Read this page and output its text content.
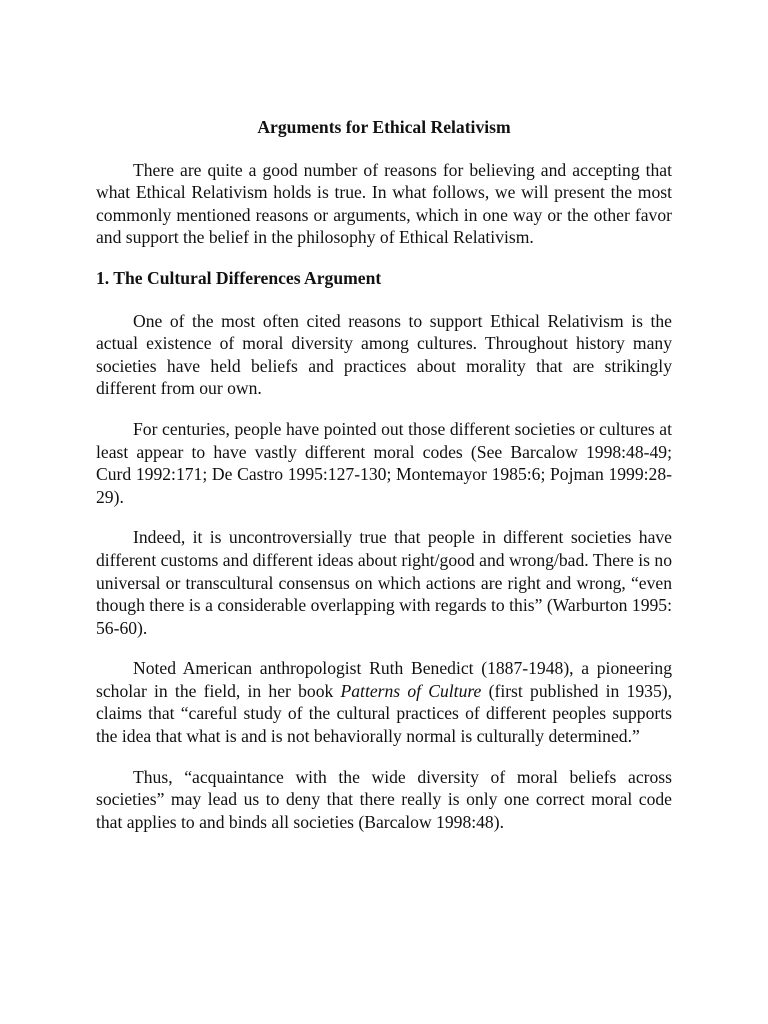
Arguments for Ethical Relativism

There are quite a good number of reasons for believing and accepting that what Ethical Relativism holds is true. In what follows, we will present the most commonly mentioned reasons or arguments, which in one way or the other favor and support the belief in the philosophy of Ethical Relativism.

1. The Cultural Differences Argument

One of the most often cited reasons to support Ethical Relativism is the actual existence of moral diversity among cultures. Throughout history many societies have held beliefs and practices about morality that are strikingly different from our own.

For centuries, people have pointed out those different societies or cultures at least appear to have vastly different moral codes (See Barcalow 1998:48-49; Curd 1992:171; De Castro 1995:127-130; Montemayor 1985:6; Pojman 1999:28-29).

Indeed, it is uncontroversially true that people in different societies have different customs and different ideas about right/good and wrong/bad. There is no universal or transcultural consensus on which actions are right and wrong, “even though there is a considerable overlapping with regards to this” (Warburton 1995: 56-60).

Noted American anthropologist Ruth Benedict (1887-1948), a pioneering scholar in the field, in her book Patterns of Culture (first published in 1935), claims that “careful study of the cultural practices of different peoples supports the idea that what is and is not behaviorally normal is culturally determined.”

Thus, “acquaintance with the wide diversity of moral beliefs across societies” may lead us to deny that there really is only one correct moral code that applies to and binds all societies (Barcalow 1998:48).
